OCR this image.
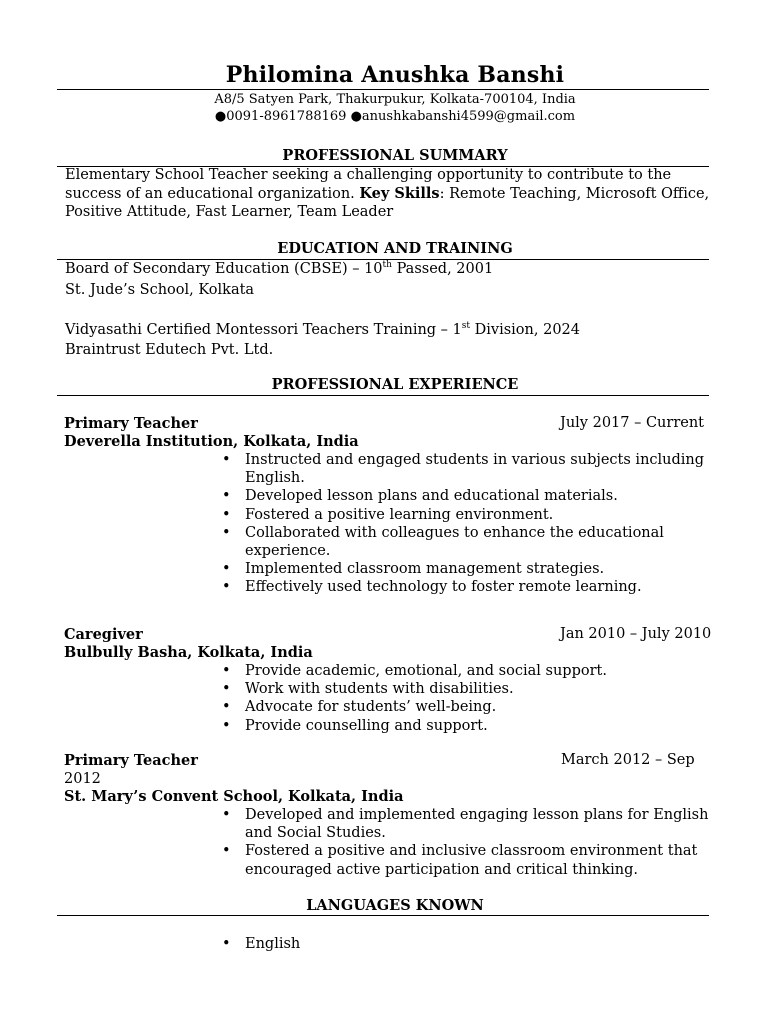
Philomina Anushka Banshi
A8/5 Satyen Park, Thakurpukur, Kolkata-700104, India
●0091-8961788169 ●anushkabanshi4599@gmail.com
PROFESSIONAL SUMMARY
Elementary School Teacher seeking a challenging opportunity to contribute to the success of an educational organization. Key Skills: Remote Teaching, Microsoft Office, Positive Attitude, Fast Learner, Team Leader
EDUCATION AND TRAINING
Board of Secondary Education (CBSE) – 10th Passed, 2001
St. Jude’s School, Kolkata
Vidyasathi Certified Montessori Teachers Training – 1st Division, 2024
Braintrust Edutech Pvt. Ltd.
PROFESSIONAL EXPERIENCE
Primary Teacher	July 2017 – Current
Deverella Institution, Kolkata, India
• Instructed and engaged students in various subjects including English.
• Developed lesson plans and educational materials.
• Fostered a positive learning environment.
• Collaborated with colleagues to enhance the educational experience.
• Implemented classroom management strategies.
• Effectively used technology to foster remote learning.
Caregiver	Jan 2010 – July 2010
Bulbully Basha, Kolkata, India
• Provide academic, emotional, and social support.
• Work with students with disabilities.
• Advocate for students’ well-being.
• Provide counselling and support.
Primary Teacher	March 2012 – Sep
2012
St. Mary’s Convent School, Kolkata, India
• Developed and implemented engaging lesson plans for English and Social Studies.
• Fostered a positive and inclusive classroom environment that encouraged active participation and critical thinking.
LANGUAGES KNOWN
• English
